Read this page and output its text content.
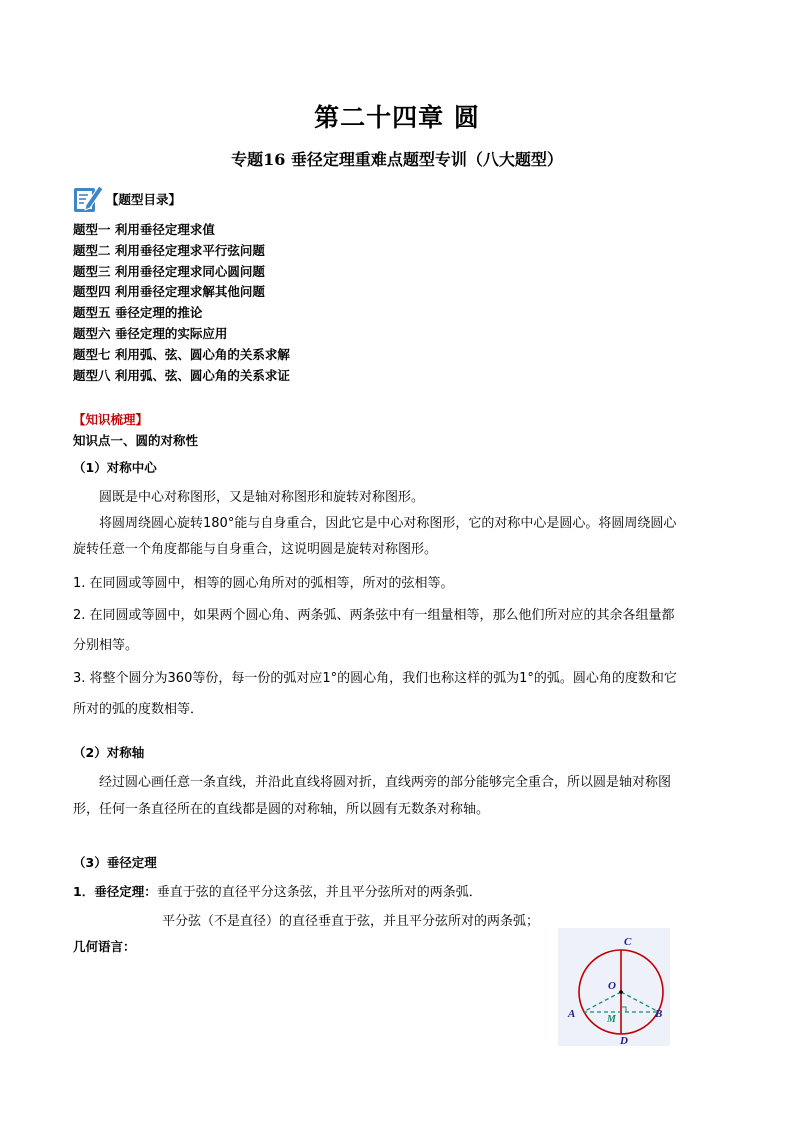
第二十四章 圆
专题16 垂径定理重难点题型专训（八大题型）
【题型目录】
题型一 利用垂径定理求值
题型二 利用垂径定理求平行弦问题
题型三 利用垂径定理求同心圆问题
题型四 利用垂径定理求解其他问题
题型五 垂径定理的推论
题型六 垂径定理的实际应用
题型七 利用弧、弦、圆心角的关系求解
题型八 利用弧、弦、圆心角的关系求证
【知识梳理】
知识点一、圆的对称性
（1）对称中心
圆既是中心对称图形，又是轴对称图形和旋转对称图形。
将圆周绕圆心旋转180°能与自身重合，因此它是中心对称图形，它的对称中心是圆心。将圆周绕圆心
旋转任意一个角度都能与自身重合，这说明圆是旋转对称图形。
1. 在同圆或等圆中，相等的圆心角所对的弧相等，所对的弦相等。
2. 在同圆或等圆中，如果两个圆心角、两条弧、两条弦中有一组量相等，那么他们所对应的其余各组量都
分别相等。
3. 将整个圆分为360等份，每一份的弧对应1°的圆心角，我们也称这样的弧为1°的弧。圆心角的度数和它
所对的弧的度数相等．
（2）对称轴
经过圆心画任意一条直线，并沿此直线将圆对折，直线两旁的部分能够完全重合，所以圆是轴对称图
形，任何一条直径所在的直线都是圆的对称轴，所以圆有无数条对称轴。
（3）垂径定理
1．垂径定理：垂直于弦的直径平分这条弦，并且平分弦所对的两条弧．
平分弦（不是直径）的直径垂直于弦，并且平分弦所对的两条弧；
几何语言：	C
O
A	M	B
D
